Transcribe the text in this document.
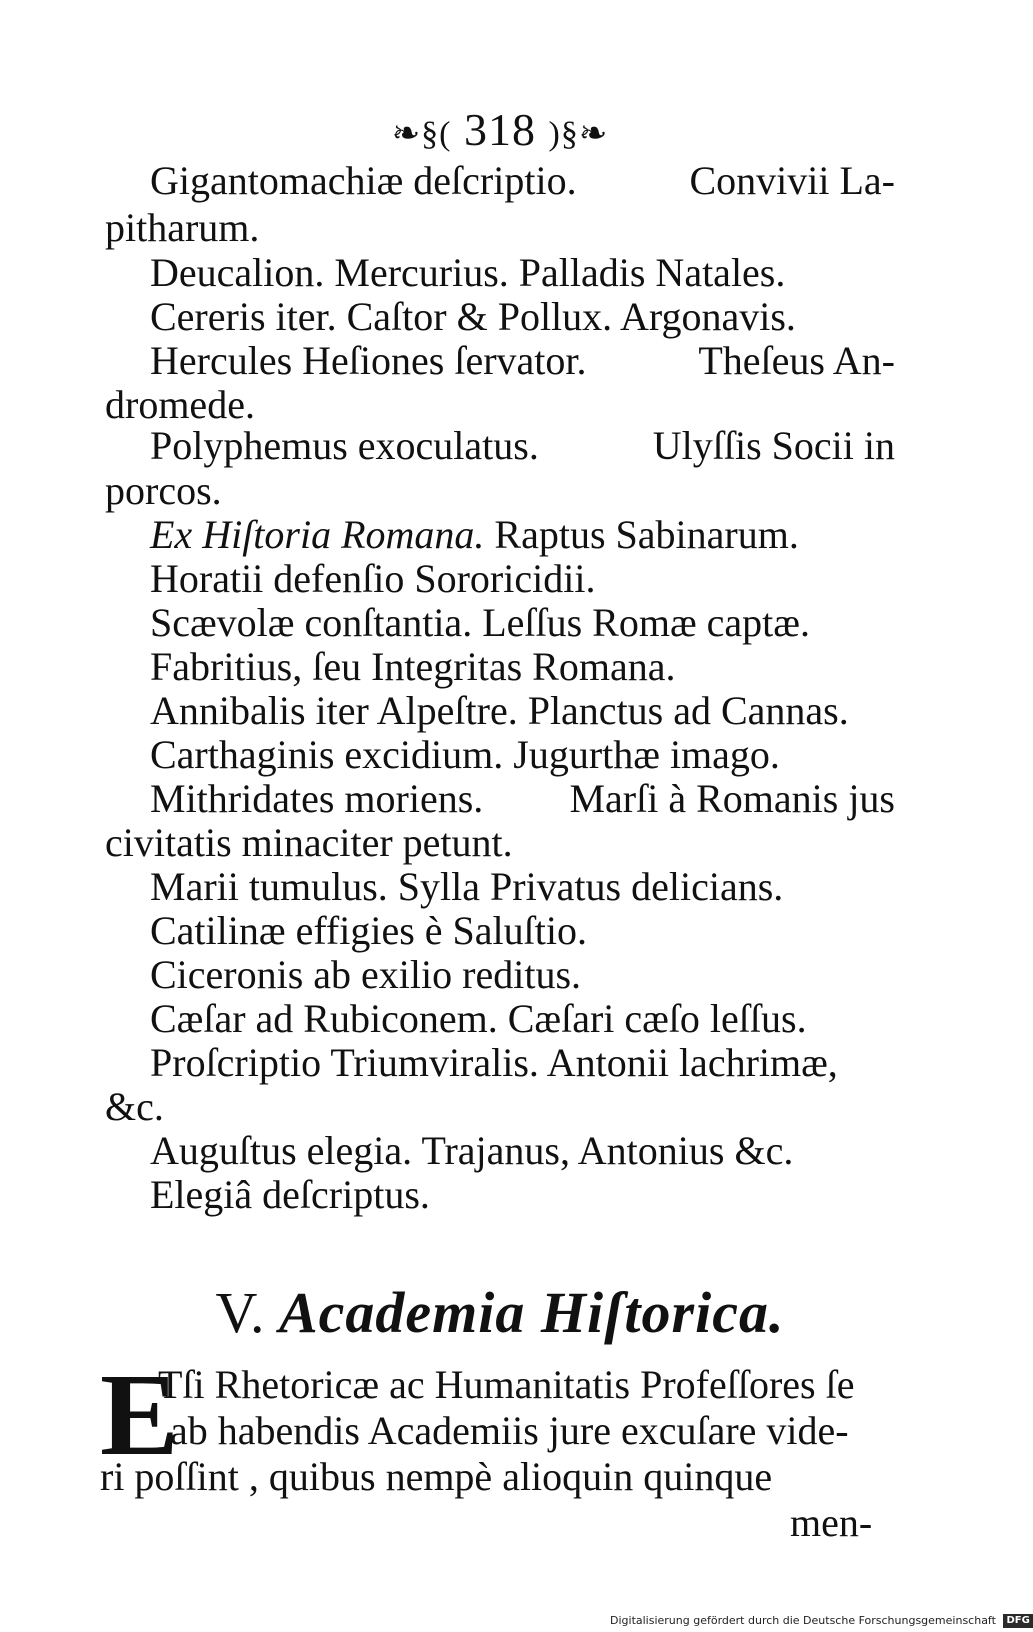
❧§( 318 )§❧
Gigantomachiæ deſcriptio.	Convivii La-
pitharum.
Deucalion. Mercurius. Palladis Natales.
Cereris iter. Caſtor & Pollux. Argonavis.
Hercules Heſiones ſervator.	Theſeus An-
dromede.
Polyphemus exoculatus.	Ulyſſis Socii in
porcos.
Ex Hiſtoria Romana. Raptus Sabinarum.
Horatii defenſio Sororicidii.
Scævolæ conſtantia. Leſſus Romæ captæ.
Fabritius, ſeu Integritas Romana.
Annibalis iter Alpeſtre. Planctus ad Cannas.
Carthaginis excidium. Jugurthæ imago.
Mithridates moriens. Marſi à Romanis jus
civitatis minaciter petunt.
Marii tumulus. Sylla Privatus delicians.
Catilinæ effigies è Saluſtio.
Ciceronis ab exilio reditus.
Cæſar ad Rubiconem. Cæſari cæſo leſſus.
Proſcriptio Triumviralis. Antonii lachrimæ,
&c.
Auguſtus elegia. Trajanus, Antonius &c.
Elegiâ deſcriptus.
V. Academia Hiſtorica.
E
Tſi Rhetoricæ ac Humanitatis Profeſſores ſe
ab habendis Academiis jure excuſare vide-
ri poſſint , quibus nempè alioquin quinque
men-
Digitalisierung gefördert durch die Deutsche Forschungsgemeinschaft DFG
